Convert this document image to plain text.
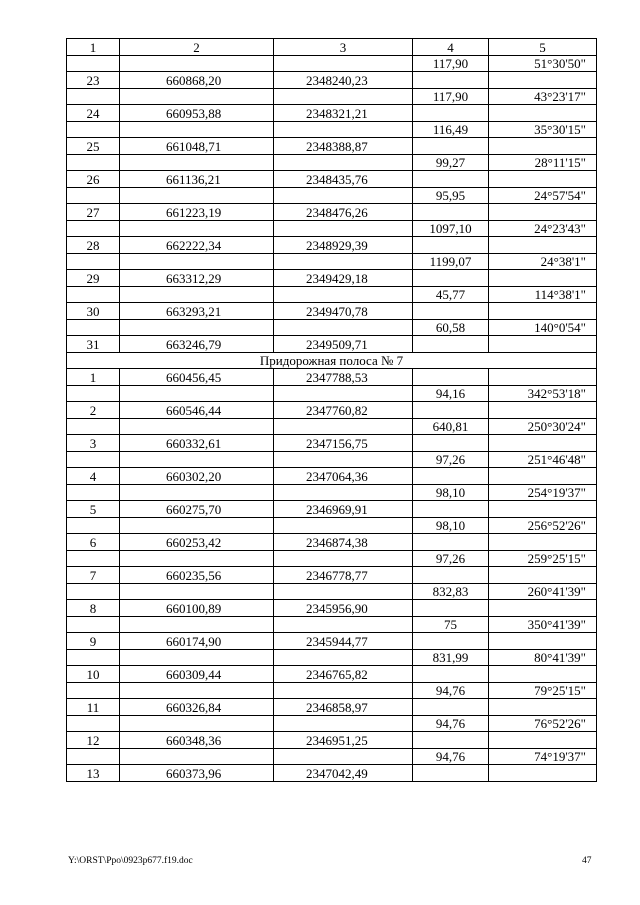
1	2	3	4	5
			117,90	51°30'50"
23	660868,20	2348240,23		
			117,90	43°23'17"
24	660953,88	2348321,21		
			116,49	35°30'15"
25	661048,71	2348388,87		
			99,27	28°11'15"
26	661136,21	2348435,76		
			95,95	24°57'54"
27	661223,19	2348476,26		
			1097,10	24°23'43"
28	662222,34	2348929,39		
			1199,07	24°38'1"
29	663312,29	2349429,18		
			45,77	114°38'1"
30	663293,21	2349470,78		
			60,58	140°0'54"
31	663246,79	2349509,71		
Придорожная полоса № 7				
1	660456,45	2347788,53		
			94,16	342°53'18"
2	660546,44	2347760,82		
			640,81	250°30'24"
3	660332,61	2347156,75		
			97,26	251°46'48"
4	660302,20	2347064,36		
			98,10	254°19'37"
5	660275,70	2346969,91		
			98,10	256°52'26"
6	660253,42	2346874,38		
			97,26	259°25'15"
7	660235,56	2346778,77		
			832,83	260°41'39"
8	660100,89	2345956,90		
			75	350°41'39"
9	660174,90	2345944,77		
			831,99	80°41'39"
10	660309,44	2346765,82		
			94,76	79°25'15"
11	660326,84	2346858,97		
			94,76	76°52'26"
12	660348,36	2346951,25		
			94,76	74°19'37"
13	660373,96	2347042,49		
Y:\ORST\Ppo\0923p677.f19.doc	47
